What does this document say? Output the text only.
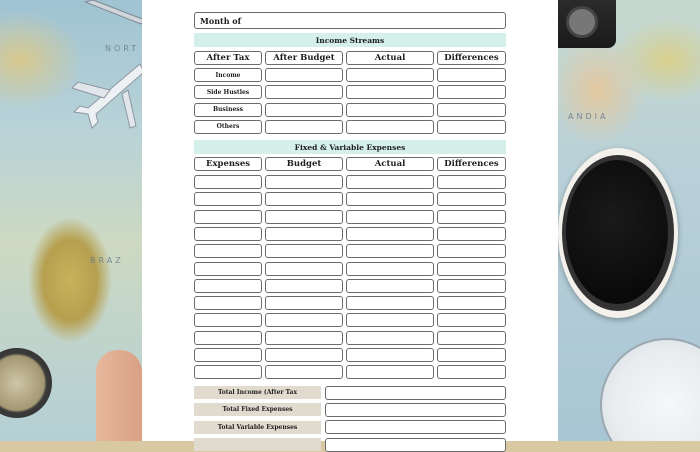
NORT
BRAZ
ANDIA
Month of
Income Streams
Fixed & Variable Expenses
After Tax	After Budget	Actual	Differences
Income
Side Hustles
Business
Others
Expenses	Budget	Actual	Differences
Total Income (After Tax
Total Fixed Expenses
Total Variable Expenses
